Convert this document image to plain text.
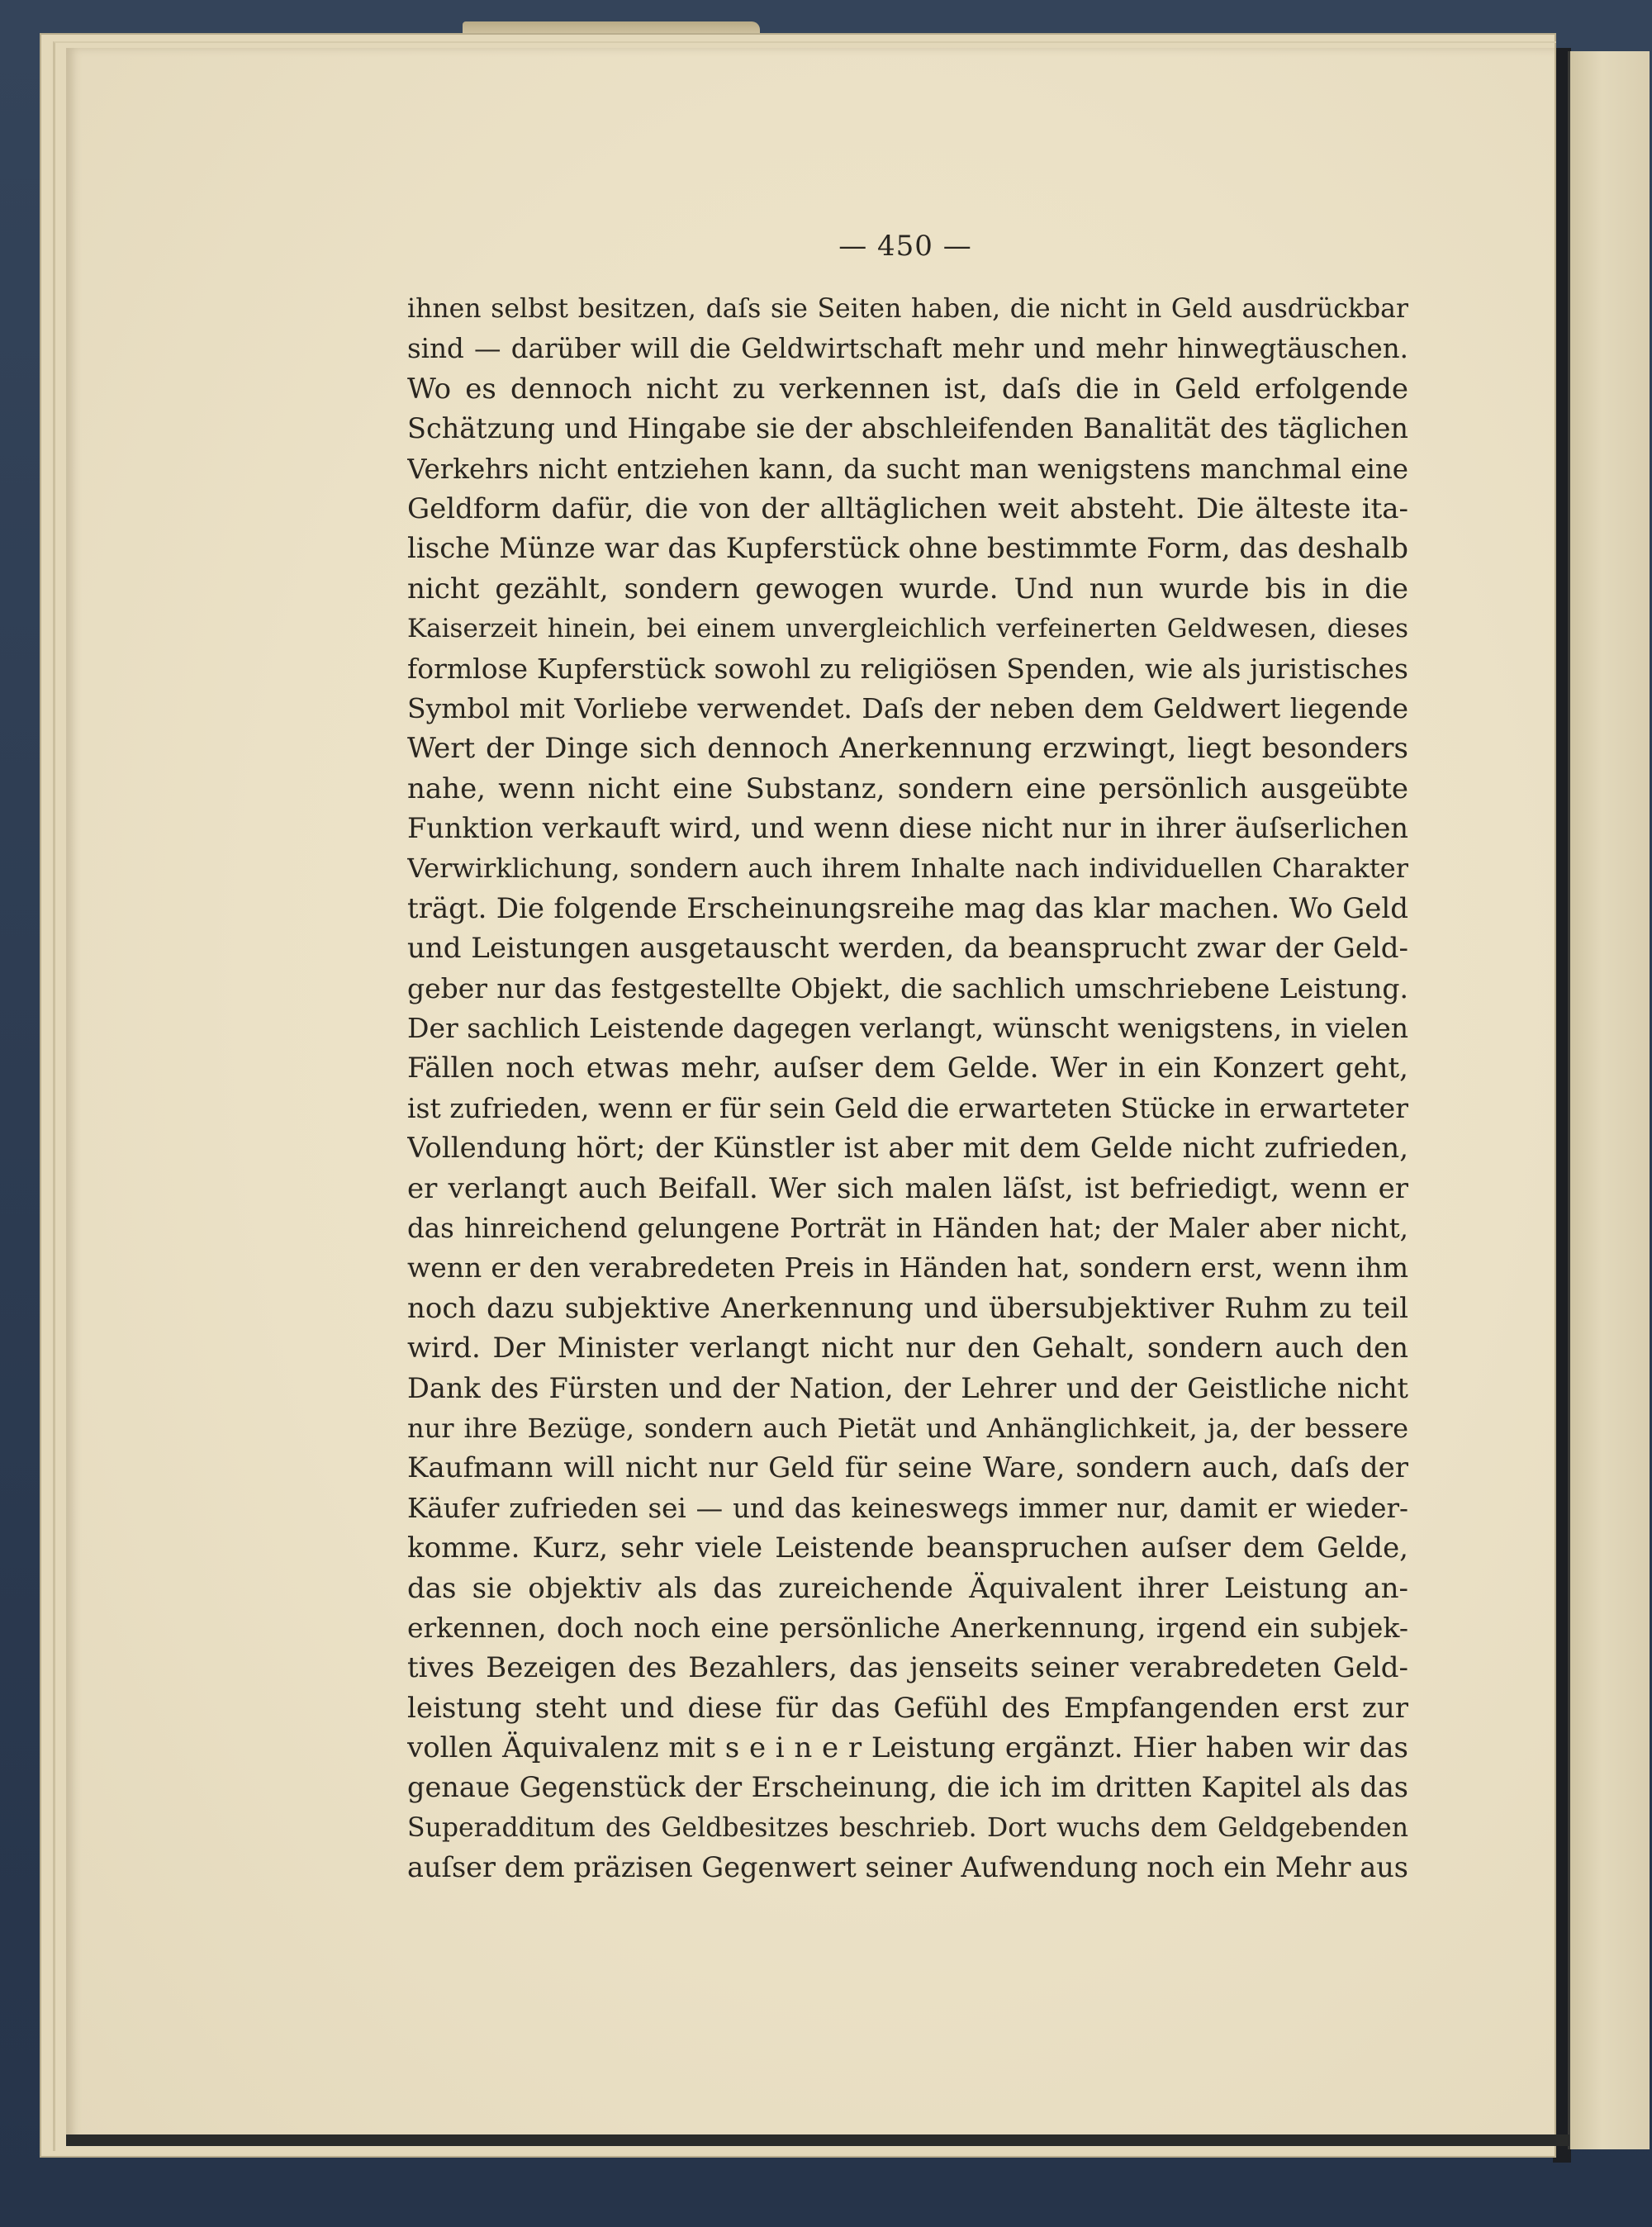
— 450 —
ihnen selbst besitzen, daſs sie Seiten haben, die nicht in Geld ausdrückbar
sind — darüber will die Geldwirtschaft mehr und mehr hinwegtäuschen.
Wo es dennoch nicht zu verkennen ist, daſs die in Geld erfolgende
Schätzung und Hingabe sie der abschleifenden Banalität des täglichen
Verkehrs nicht entziehen kann, da sucht man wenigstens manchmal eine
Geldform dafür, die von der alltäglichen weit absteht. Die älteste ita-
lische Münze war das Kupferstück ohne bestimmte Form, das deshalb
nicht gezählt, sondern gewogen wurde. Und nun wurde bis in die
Kaiserzeit hinein, bei einem unvergleichlich verfeinerten Geldwesen, dieses
formlose Kupferstück sowohl zu religiösen Spenden, wie als juristisches
Symbol mit Vorliebe verwendet. Daſs der neben dem Geldwert liegende
Wert der Dinge sich dennoch Anerkennung erzwingt, liegt besonders
nahe, wenn nicht eine Substanz, sondern eine persönlich ausgeübte
Funktion verkauft wird, und wenn diese nicht nur in ihrer äuſserlichen
Verwirklichung, sondern auch ihrem Inhalte nach individuellen Charakter
trägt. Die folgende Erscheinungsreihe mag das klar machen. Wo Geld
und Leistungen ausgetauscht werden, da beansprucht zwar der Geld-
geber nur das festgestellte Objekt, die sachlich umschriebene Leistung.
Der sachlich Leistende dagegen verlangt, wünscht wenigstens, in vielen
Fällen noch etwas mehr, auſser dem Gelde. Wer in ein Konzert geht,
ist zufrieden, wenn er für sein Geld die erwarteten Stücke in erwarteter
Vollendung hört; der Künstler ist aber mit dem Gelde nicht zufrieden,
er verlangt auch Beifall. Wer sich malen läſst, ist befriedigt, wenn er
das hinreichend gelungene Porträt in Händen hat; der Maler aber nicht,
wenn er den verabredeten Preis in Händen hat, sondern erst, wenn ihm
noch dazu subjektive Anerkennung und übersubjektiver Ruhm zu teil
wird. Der Minister verlangt nicht nur den Gehalt, sondern auch den
Dank des Fürsten und der Nation, der Lehrer und der Geistliche nicht
nur ihre Bezüge, sondern auch Pietät und Anhänglichkeit, ja, der bessere
Kaufmann will nicht nur Geld für seine Ware, sondern auch, daſs der
Käufer zufrieden sei — und das keineswegs immer nur, damit er wieder-
komme. Kurz, sehr viele Leistende beanspruchen auſser dem Gelde,
das sie objektiv als das zureichende Äquivalent ihrer Leistung an-
erkennen, doch noch eine persönliche Anerkennung, irgend ein subjek-
tives Bezeigen des Bezahlers, das jenseits seiner verabredeten Geld-
leistung steht und diese für das Gefühl des Empfangenden erst zur
vollen Äquivalenz mit s e i n e r Leistung ergänzt. Hier haben wir das
genaue Gegenstück der Erscheinung, die ich im dritten Kapitel als das
Superadditum des Geldbesitzes beschrieb. Dort wuchs dem Geldgebenden
auſser dem präzisen Gegenwert seiner Aufwendung noch ein Mehr aus
